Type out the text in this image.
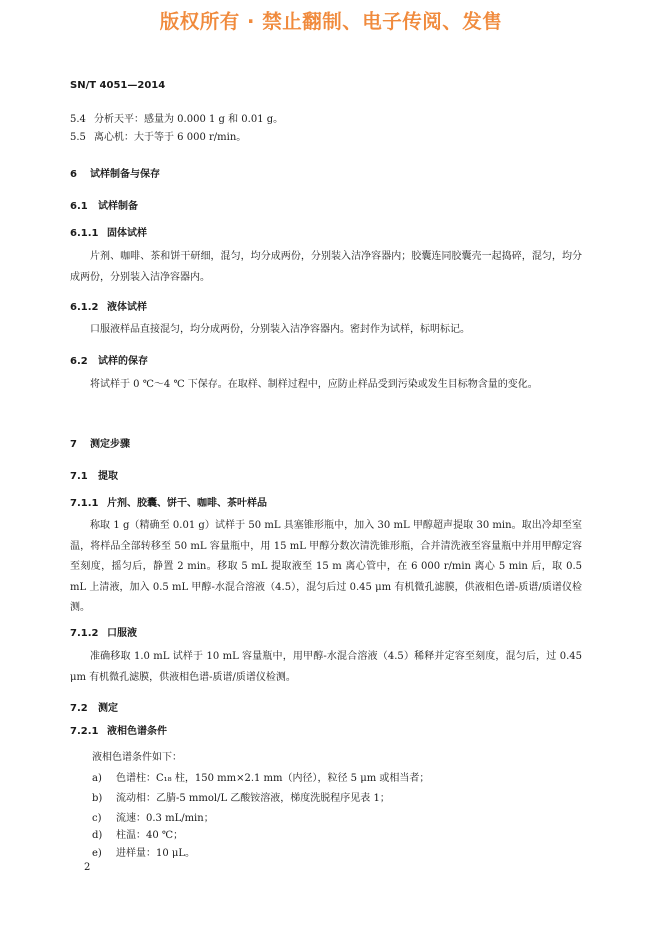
版权所有 · 禁止翻制、电子传阅、发售
SN/T 4051—2014
5.4 分析天平：感量为 0.000 1 g 和 0.01 g。
5.5 离心机：大于等于 6 000 r/min。
6 试样制备与保存
6.1 试样制备
6.1.1 固体试样
片剂、咖啡、茶和饼干研细，混匀，均分成两份，分别装入洁净容器内；胶囊连同胶囊壳一起捣碎，混匀，均分成两份，分别装入洁净容器内。
6.1.2 液体试样
口服液样品直接混匀，均分成两份，分别装入洁净容器内。密封作为试样，标明标记。
6.2 试样的保存
将试样于 0 ℃～4 ℃ 下保存。在取样、制样过程中，应防止样品受到污染或发生目标物含量的变化。
7 测定步骤
7.1 提取
7.1.1 片剂、胶囊、饼干、咖啡、茶叶样品
称取 1 g（精确至 0.01 g）试样于 50 mL 具塞锥形瓶中，加入 30 mL 甲醇超声提取 30 min。取出冷却至室温，将样品全部转移至 50 mL 容量瓶中，用 15 mL 甲醇分数次清洗锥形瓶，合并清洗液至容量瓶中并用甲醇定容至刻度，摇匀后，静置 2 min。移取 5 mL 提取液至 15 m 离心管中，在 6 000 r/min 离心 5 min 后，取 0.5 mL 上清液，加入 0.5 mL 甲醇-水混合溶液（4.5），混匀后过 0.45 μm 有机微孔滤膜，供液相色谱-质谱/质谱仪检测。
7.1.2 口服液
准确移取 1.0 mL 试样于 10 mL 容量瓶中，用甲醇-水混合溶液（4.5）稀释并定容至刻度，混匀后，过 0.45 μm 有机微孔滤膜，供液相色谱-质谱/质谱仪检测。
7.2 测定
7.2.1 液相色谱条件
液相色谱条件如下：
a) 色谱柱：C₁₈ 柱，150 mm×2.1 mm（内径），粒径 5 μm 或相当者；
b) 流动相：乙腈-5 mmol/L 乙酸铵溶液，梯度洗脱程序见表 1；
c) 流速：0.3 mL/min；
d) 柱温：40 ℃；
e) 进样量：10 μL。
2
